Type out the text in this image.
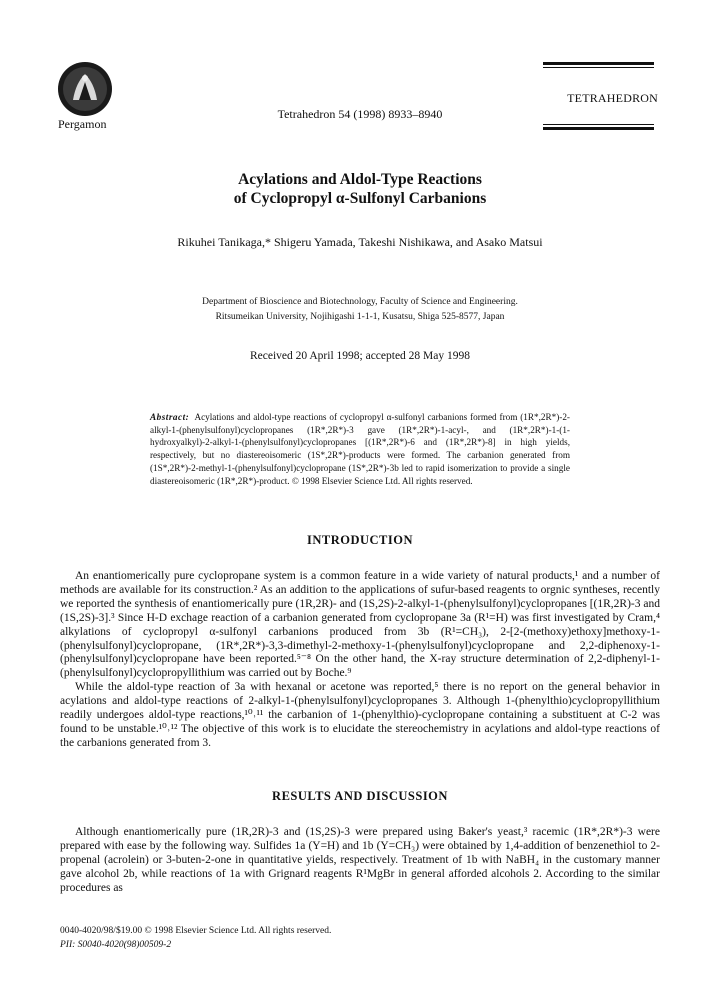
Pergamon
Tetrahedron 54 (1998) 8933–8940
TETRAHEDRON
Acylations and Aldol-Type Reactions
of Cyclopropyl α-Sulfonyl Carbanions
Rikuhei Tanikaga,* Shigeru Yamada, Takeshi Nishikawa, and Asako Matsui
Department of Bioscience and Biotechnology, Faculty of Science and Engineering.
Ritsumeikan University, Nojihigashi 1-1-1, Kusatsu, Shiga 525-8577, Japan
Received 20 April 1998; accepted 28 May 1998
Abstract: Acylations and aldol-type reactions of cyclopropyl α-sulfonyl carbanions formed from (1R*,2R*)-2-alkyl-1-(phenylsulfonyl)cyclopropanes (1R*,2R*)-3 gave (1R*,2R*)-1-acyl-, and (1R*,2R*)-1-(1-hydroxyalkyl)-2-alkyl-1-(phenylsulfonyl)cyclopropanes [(1R*,2R*)-6 and (1R*,2R*)-8] in high yields, respectively, but no diastereoisomeric (1S*,2R*)-products were formed. The carbanion generated from (1S*,2R*)-2-methyl-1-(phenylsulfonyl)cyclopropane (1S*,2R*)-3b led to rapid isomerization to provide a single diastereoisomeric (1R*,2R*)-product. © 1998 Elsevier Science Ltd. All rights reserved.
INTRODUCTION

An enantiomerically pure cyclopropane system is a common feature in a wide variety of natural products,¹ and a number of methods are available for its construction.² As an addition to the applications of sufur-based reagents to orgnic syntheses, recently we reported the synthesis of enantiomerically pure (1R,2R)- and (1S,2S)-2-alkyl-1-(phenylsulfonyl)cyclopropanes [(1R,2R)-3 and (1S,2S)-3].³ Since H-D exchage reaction of a carbanion generated from cyclopropane 3a (R¹=H) was first investigated by Cram,⁴ alkylations of cyclopropyl α-sulfonyl carbanions produced from 3b (R¹=CH₃), 2-[2-(methoxy)ethoxy]methoxy-1-(phenylsulfonyl)cyclopropane, (1R*,2R*)-3,3-dimethyl-2-methoxy-1-(phenylsulfonyl)cyclopropane and 2,2-diphenoxy-1-(phenylsulfonyl)cyclopropane have been reported.⁵⁻⁸ On the other hand, the X-ray structure determination of 2,2-diphenyl-1-(phenylsulfonyl)cyclopropyllithium was carried out by Boche.⁹

While the aldol-type reaction of 3a with hexanal or acetone was reported,⁵ there is no report on the general behavior in acylations and aldol-type reactions of 2-alkyl-1-(phenylsulfonyl)cyclopropanes 3. Although 1-(phenylthio)cyclopropyllithium readily undergoes aldol-type reactions,¹⁰˒¹¹ the carbanion of 1-(phenylthio)-cyclopropane containing a substituent at C-2 was found to be unstable.¹⁰˒¹² The objective of this work is to elucidate the stereochemistry in acylations and aldol-type reactions of the carbanions generated from 3.

RESULTS AND DISCUSSION

Although enantiomerically pure (1R,2R)-3 and (1S,2S)-3 were prepared using Baker's yeast,³ racemic (1R*,2R*)-3 were prepared with ease by the following way. Sulfides 1a (Y=H) and 1b (Y=CH₃) were obtained by 1,4-addition of benzenethiol to 2-propenal (acrolein) or 3-buten-2-one in quantitative yields, respectively. Treatment of 1b with NaBH₄ in the customary manner gave alcohol 2b, while reactions of 1a with Grignard reagents R¹MgBr in general afforded alcohols 2. According to the similar procedures as

0040-4020/98/$19.00 © 1998 Elsevier Science Ltd. All rights reserved.
PII: S0040-4020(98)00509-2
